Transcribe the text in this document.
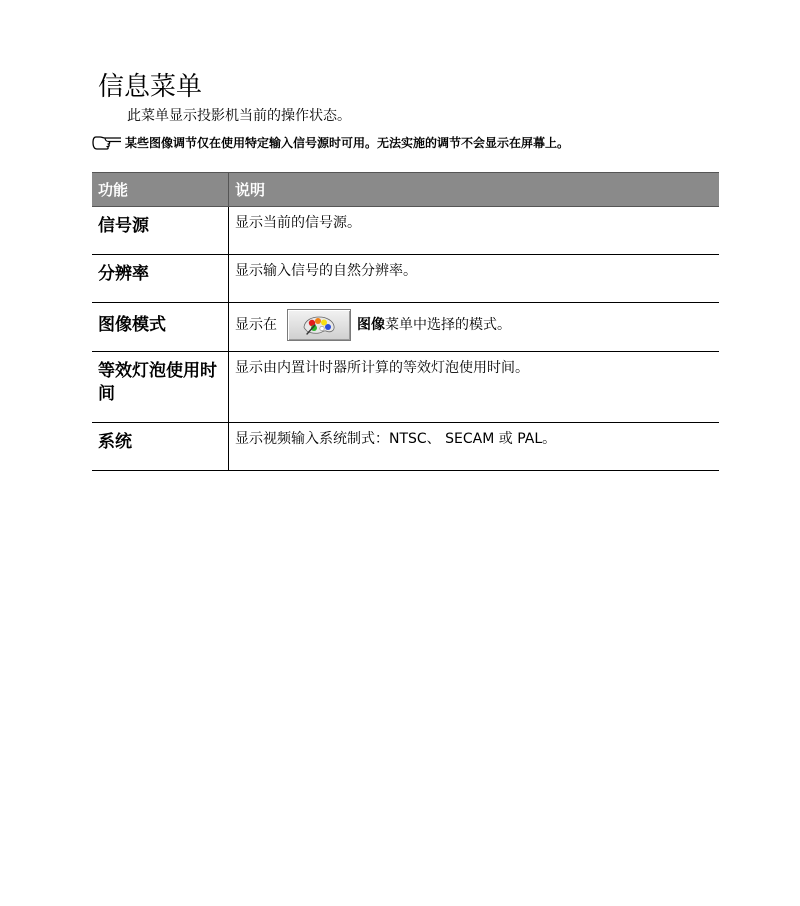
信息菜单
此菜单显示投影机当前的操作状态。
某些图像调节仅在使用特定输入信号源时可用。无法实施的调节不会显示在屏幕上。
功能	说明
信号源	显示当前的信号源。
分辨率	显示输入信号的自然分辨率。
图像模式	显示在 图像 菜单中选择的模式。

等效灯泡使用时间	显示由内置计时器所计算的等效灯泡使用时间。
系统	显示视频输入系统制式：NTSC、 SECAM 或 PAL。
